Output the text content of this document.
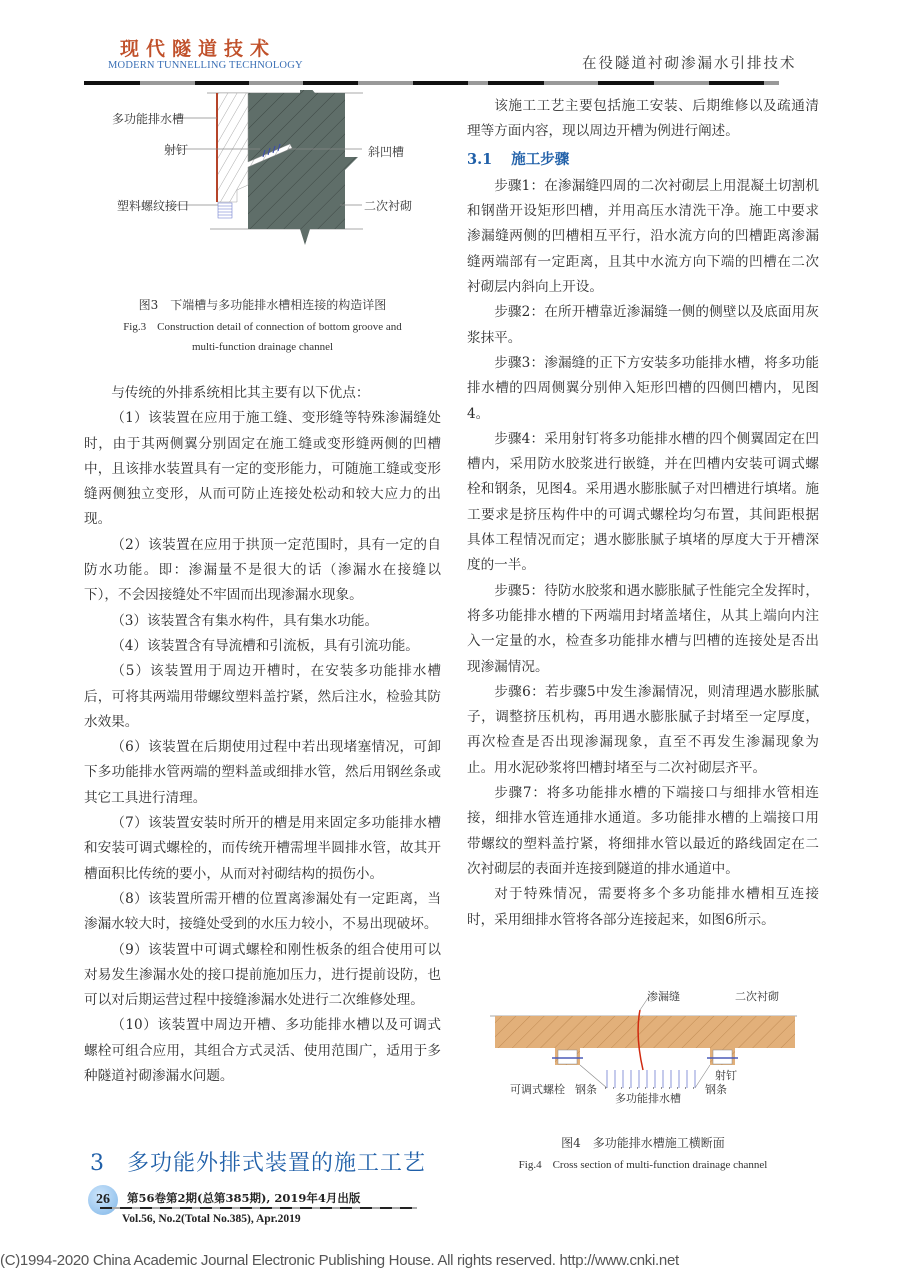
现代隧道技术
MODERN TUNNELLING TECHNOLOGY	在役隧道衬砌渗漏水引排技术
多功能排水槽
射钉
塑料螺纹接口
斜凹槽
二次衬砌
图3　下端槽与多功能排水槽相连接的构造详图
Fig.3　Construction detail of connection of bottom groove and
multi-function drainage channel

与传统的外排系统相比其主要有以下优点：

（1）该装置在应用于施工缝、变形缝等特殊渗漏缝处时，由于其两侧翼分别固定在施工缝或变形缝两侧的凹槽中，且该排水装置具有一定的变形能力，可随施工缝或变形缝两侧独立变形，从而可防止连接处松动和较大应力的出现。

（2）该装置在应用于拱顶一定范围时，具有一定的自防水功能。即：渗漏量不是很大的话（渗漏水在接缝以下），不会因接缝处不牢固而出现渗漏水现象。

（3）该装置含有集水构件，具有集水功能。

（4）该装置含有导流槽和引流板，具有引流功能。

（5）该装置用于周边开槽时，在安装多功能排水槽后，可将其两端用带螺纹塑料盖拧紧，然后注水，检验其防水效果。

（6）该装置在后期使用过程中若出现堵塞情况，可卸下多功能排水管两端的塑料盖或细排水管，然后用钢丝条或其它工具进行清理。

（7）该装置安装时所开的槽是用来固定多功能排水槽和安装可调式螺栓的，而传统开槽需埋半圆排水管，故其开槽面积比传统的要小，从而对衬砌结构的损伤小。

（8）该装置所需开槽的位置离渗漏处有一定距离，当渗漏水较大时，接缝处受到的水压力较小，不易出现破坏。

（9）该装置中可调式螺栓和刚性板条的组合使用可以对易发生渗漏水处的接口提前施加压力，进行提前设防，也可以对后期运营过程中接缝渗漏水处进行二次维修处理。

（10）该装置中周边开槽、多功能排水槽以及可调式螺栓可组合应用，其组合方式灵活、使用范围广，适用于多种隧道衬砌渗漏水问题。

3 多功能外排式装置的施工工艺

该施工工艺主要包括施工安装、后期维修以及疏通清理等方面内容，现以周边开槽为例进行阐述。

3.1 施工步骤

步骤1：在渗漏缝四周的二次衬砌层上用混凝土切割机和钢凿开设矩形凹槽，并用高压水清洗干净。施工中要求渗漏缝两侧的凹槽相互平行，沿水流方向的凹槽距离渗漏缝两端部有一定距离，且其中水流方向下端的凹槽在二次衬砌层内斜向上开设。

步骤2：在所开槽靠近渗漏缝一侧的侧壁以及底面用灰浆抹平。

步骤3：渗漏缝的正下方安装多功能排水槽，将多功能排水槽的四周侧翼分别伸入矩形凹槽的四侧凹槽内，见图4。

步骤4：采用射钉将多功能排水槽的四个侧翼固定在凹槽内，采用防水胶浆进行嵌缝，并在凹槽内安装可调式螺栓和钢条，见图4。采用遇水膨胀腻子对凹槽进行填堵。施工要求是挤压构件中的可调式螺栓均匀布置，其间距根据具体工程情况而定；遇水膨胀腻子填堵的厚度大于开槽深度的一半。

步骤5：待防水胶浆和遇水膨胀腻子性能完全发挥时，将多功能排水槽的下两端用封堵盖堵住，从其上端向内注入一定量的水，检查多功能排水槽与凹槽的连接处是否出现渗漏情况。

步骤6：若步骤5中发生渗漏情况，则清理遇水膨胀腻子，调整挤压机构，再用遇水膨胀腻子封堵至一定厚度，再次检查是否出现渗漏现象，直至不再发生渗漏现象为止。用水泥砂浆将凹槽封堵至与二次衬砌层齐平。

步骤7：将多功能排水槽的下端接口与细排水管相连接，细排水管连通排水通道。多功能排水槽的上端接口用带螺纹的塑料盖拧紧，将细排水管以最近的路线固定在二次衬砌层的表面并连接到隧道的排水通道中。

对于特殊情况，需要将多个多功能排水槽相互连接时，采用细排水管将各部分连接起来，如图6所示。

渗漏缝	二次衬砌
射钉
可调式螺栓 钢条	钢条
多功能排水槽
图4　多功能排水槽施工横断面
Fig.4　Cross section of multi-function drainage channel
26	第56卷第2期(总第385期), 2019年4月出版
Vol.56, No.2(Total No.385), Apr.2019
(C)1994-2020 China Academic Journal Electronic Publishing House. All rights reserved. http://www.cnki.net
